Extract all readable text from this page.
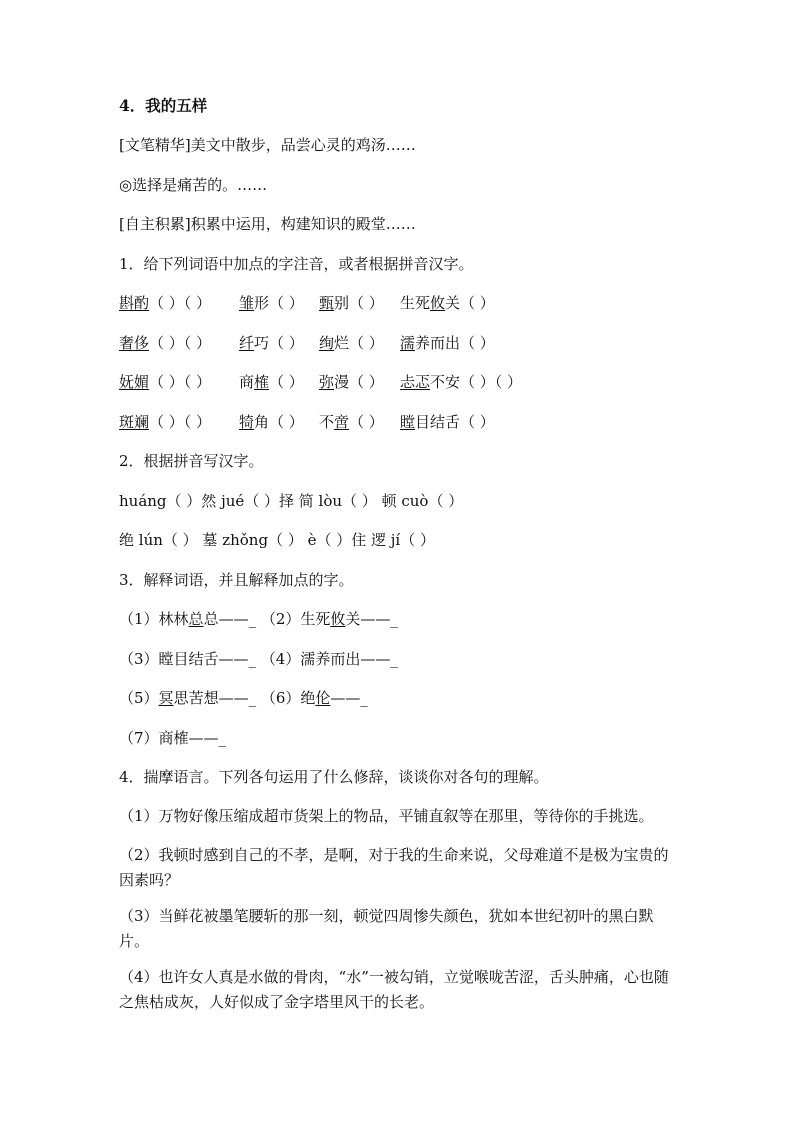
4．我的五样
[文笔精华]美文中散步，品尝心灵的鸡汤……
◎选择是痛苦的。……
[自主积累]积累中运用，构建知识的殿堂……
1．给下列词语中加点的字注音，或者根据拼音汉字。
斟酌（ ）（ ） 雏形（ ） 甄别（ ） 生死攸关（ ）
奢侈（ ）（ ） 纤巧（ ） 绚烂（ ） 濡养而出（ ）
妩媚（ ）（ ） 商榷（ ） 弥漫（ ） 忐忑不安（ ）（ ）
斑斓（ ）（ ） 犄角（ ） 不啻（ ） 瞠目结舌（ ）
2．根据拼音写汉字。
huáng（ ）然 jué（ ）择 简 lòu（ ） 顿 cuò（ ）
绝 lún（ ） 墓 zhǒng（ ） è（ ）住 逻 jí（ ）
3．解释词语，并且解释加点的字。
（1）林林总总——_ （2）生死攸关——_
（3）瞠目结舌——_ （4）濡养而出——_
（5）冥思苦想——_ （6）绝伦——_
（7）商榷——_
4．揣摩语言。下列各句运用了什么修辞，谈谈你对各句的理解。
（1）万物好像压缩成超市货架上的物品，平铺直叙等在那里，等待你的手挑选。
（2）我顿时感到自己的不孝，是啊，对于我的生命来说，父母难道不是极为宝贵的因素吗？
（3）当鲜花被墨笔腰斩的那一刻，顿觉四周惨失颜色，犹如本世纪初叶的黑白默片。
（4）也许女人真是水做的骨肉，“水”一被勾销，立觉喉咙苦涩，舌头肿痛，心也随之焦枯成灰，人好似成了金字塔里风干的长老。
